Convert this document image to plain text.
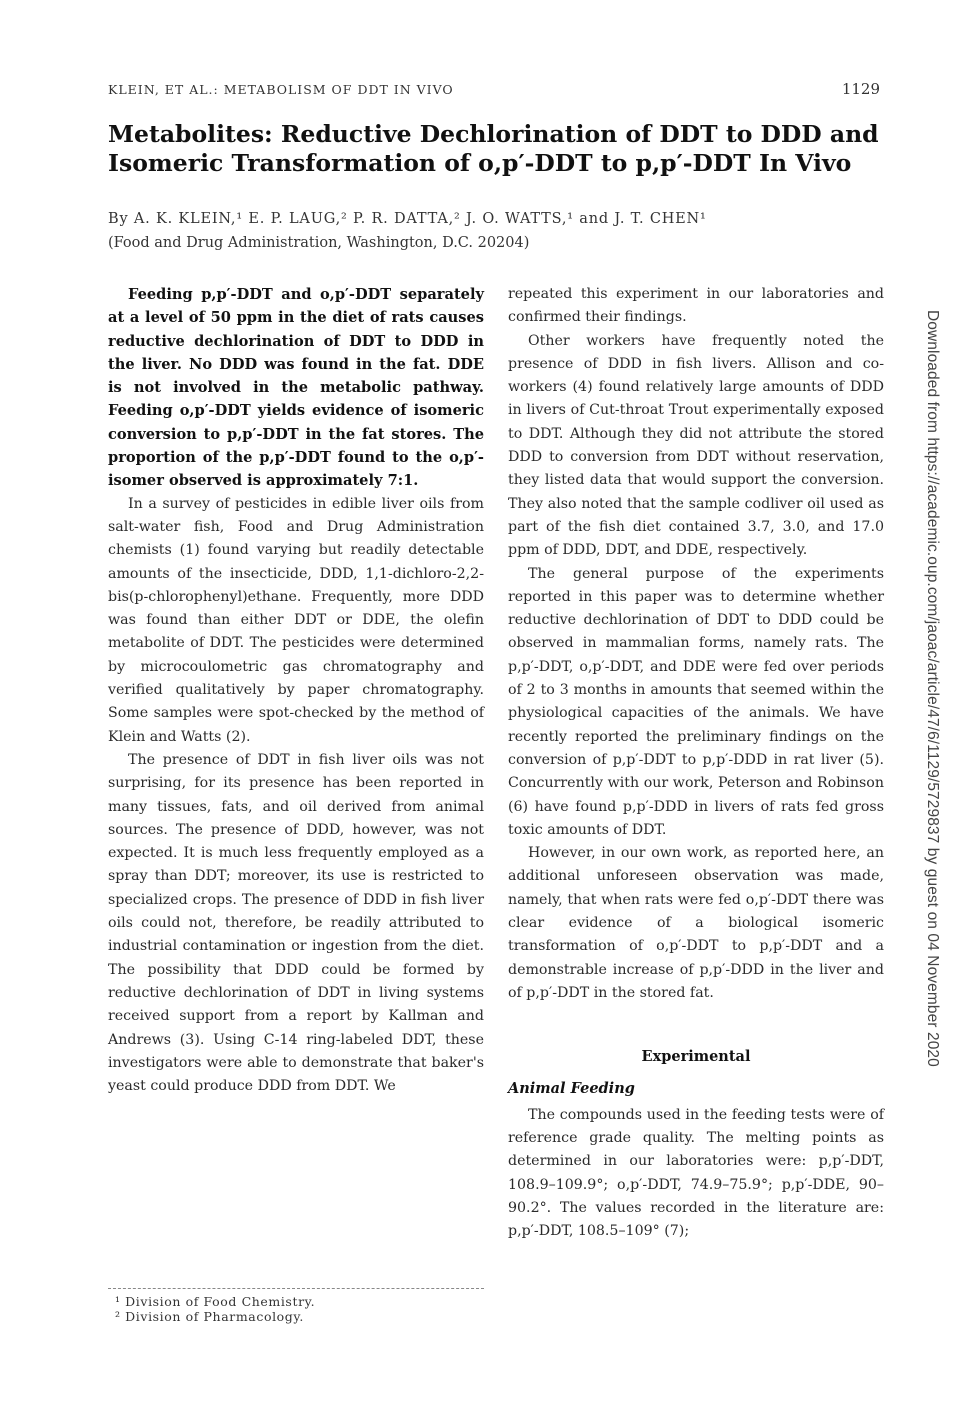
KLEIN, ET AL.: METABOLISM OF DDT IN VIVO	1129
Metabolites: Reductive Dechlorination of DDT to DDD and
Isomeric Transformation of o,p′-DDT to p,p′-DDT In Vivo
By A. K. KLEIN,¹ E. P. LAUG,² P. R. DATTA,² J. O. WATTS,¹ and J. T. CHEN¹
(Food and Drug Administration, Washington, D.C. 20204)

Feeding p,p′-DDT and o,p′-DDT separately at a level of 50 ppm in the diet of rats causes reductive dechlorination of DDT to DDD in the liver. No DDD was found in the fat. DDE is not involved in the metabolic pathway. Feeding o,p′-DDT yields evidence of isomeric conversion to p,p′-DDT in the fat stores. The proportion of the p,p′-DDT found to the o,p′-isomer observed is approximately 7:1.

In a survey of pesticides in edible liver oils from salt-water fish, Food and Drug Administration chemists (1) found varying but readily detectable amounts of the insecticide, DDD, 1,1-dichloro-2,2-bis(p-chlorophenyl)ethane. Frequently, more DDD was found than either DDT or DDE, the olefin metabolite of DDT. The pesticides were determined by microcoulometric gas chromatography and verified qualitatively by paper chromatography. Some samples were spot-checked by the method of Klein and Watts (2).

The presence of DDT in fish liver oils was not surprising, for its presence has been reported in many tissues, fats, and oil derived from animal sources. The presence of DDD, however, was not expected. It is much less frequently employed as a spray than DDT; moreover, its use is restricted to specialized crops. The presence of DDD in fish liver oils could not, therefore, be readily attributed to industrial contamination or ingestion from the diet. The possibility that DDD could be formed by reductive dechlorination of DDT in living systems received support from a report by Kallman and Andrews (3). Using C-14 ring-labeled DDT, these investigators were able to demonstrate that baker's yeast could produce DDD from DDT. We

repeated this experiment in our laboratories and confirmed their findings.

Other workers have frequently noted the presence of DDD in fish livers. Allison and co-workers (4) found relatively large amounts of DDD in livers of Cut-throat Trout experimentally exposed to DDT. Although they did not attribute the stored DDD to conversion from DDT without reservation, they listed data that would support the conversion. They also noted that the sample codliver oil used as part of the fish diet contained 3.7, 3.0, and 17.0 ppm of DDD, DDT, and DDE, respectively.

The general purpose of the experiments reported in this paper was to determine whether reductive dechlorination of DDT to DDD could be observed in mammalian forms, namely rats. The p,p′-DDT, o,p′-DDT, and DDE were fed over periods of 2 to 3 months in amounts that seemed within the physiological capacities of the animals. We have recently reported the preliminary findings on the conversion of p,p′-DDT to p,p′-DDD in rat liver (5). Concurrently with our work, Peterson and Robinson (6) have found p,p′-DDD in livers of rats fed gross toxic amounts of DDT.

However, in our own work, as reported here, an additional unforeseen observation was made, namely, that when rats were fed o,p′-DDT there was clear evidence of a biological isomeric transformation of o,p′-DDT to p,p′-DDT and a demonstrable increase of p,p′-DDD in the liver and of p,p′-DDT in the stored fat.

Experimental
Animal Feeding

The compounds used in the feeding tests were of reference grade quality. The melting points as determined in our laboratories were: p,p′-DDT, 108.9–109.9°; o,p′-DDT, 74.9–75.9°; p,p′-DDE, 90–90.2°. The values recorded in the literature are: p,p′-DDT, 108.5–109° (7);

¹ Division of Food Chemistry.
² Division of Pharmacology.
Downloaded from https://academic.oup.com/jaoac/article/47/6/1129/5729837 by guest on 04 November 2020
